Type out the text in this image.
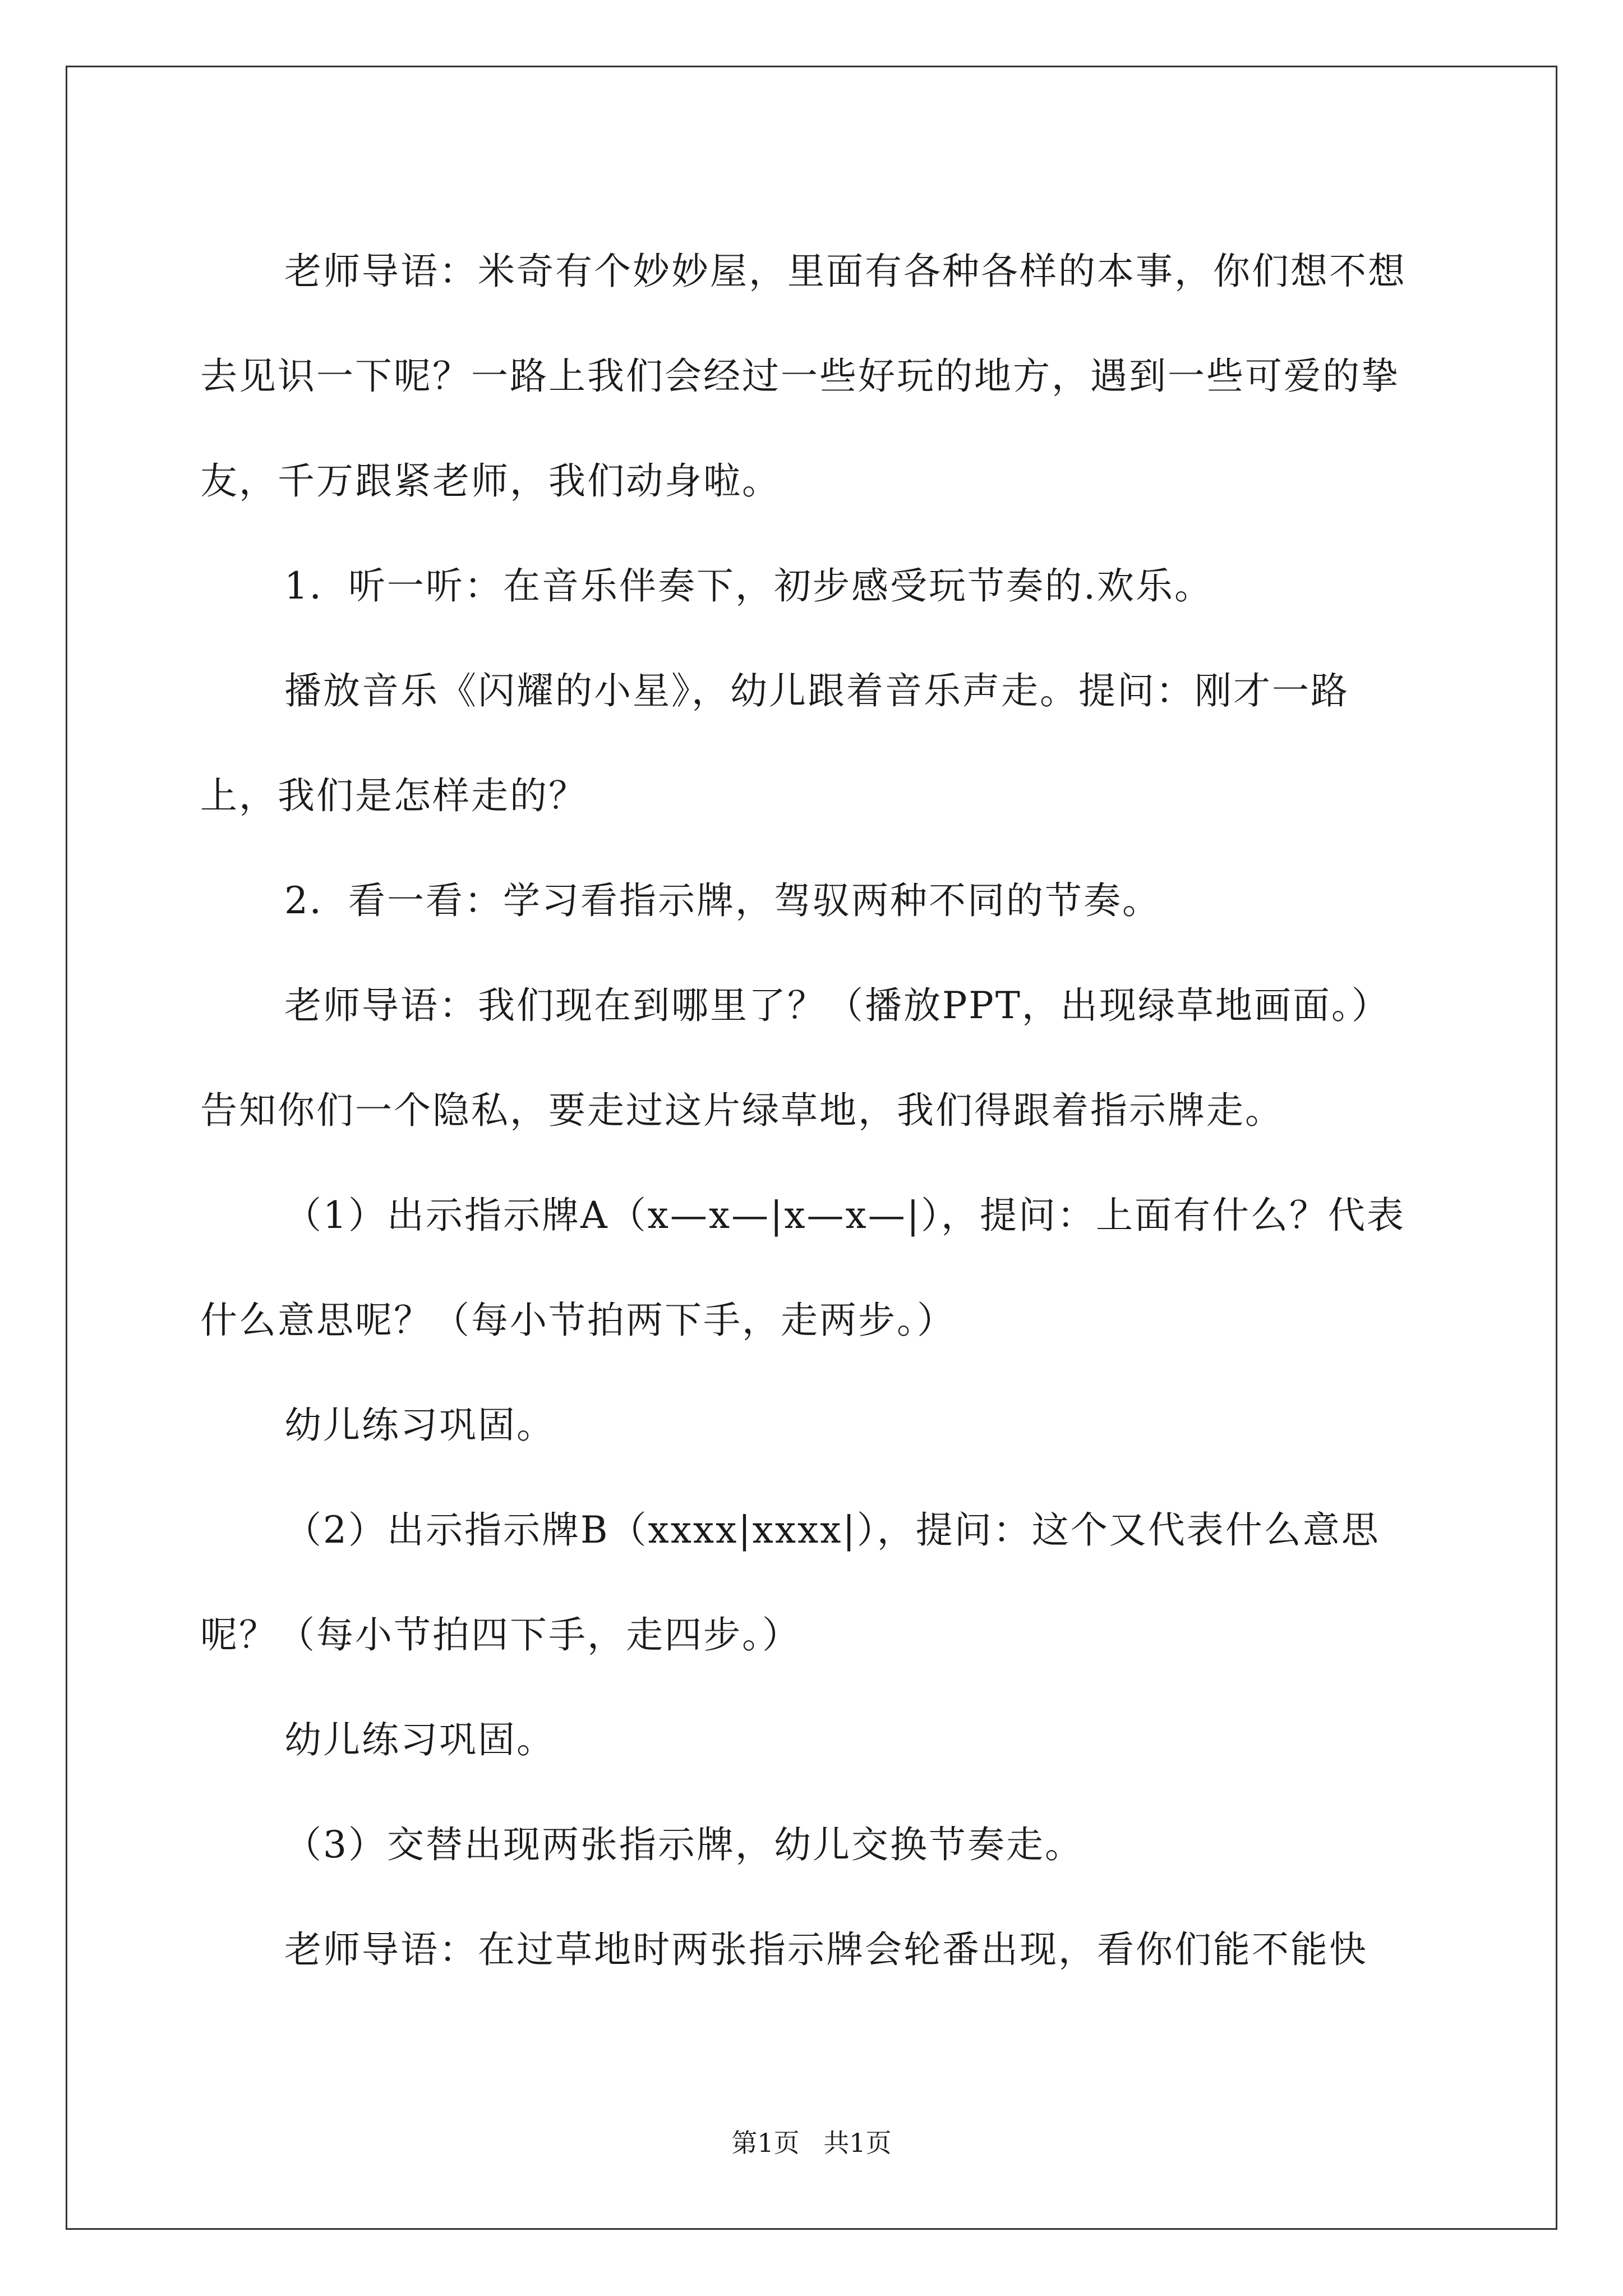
老师导语：米奇有个妙妙屋，里面有各种各样的本事，你们想不想去见识一下呢？一路上我们会经过一些好玩的地方，遇到一些可爱的挚友，千万跟紧老师，我们动身啦。

1．听一听：在音乐伴奏下，初步感受玩节奏的.欢乐。

播放音乐《闪耀的小星》，幼儿跟着音乐声走。提问：刚才一路上，我们是怎样走的？

2．看一看：学习看指示牌，驾驭两种不同的节奏。

老师导语：我们现在到哪里了？（播放PPT，出现绿草地画面。）

告知你们一个隐私，要走过这片绿草地，我们得跟着指示牌走。

（1）出示指示牌A（x—x—|x—x—|），提问：上面有什么？代表什么意思呢？（每小节拍两下手，走两步。）

幼儿练习巩固。

（2）出示指示牌B（xxxx|xxxx|），提问：这个又代表什么意思呢？（每小节拍四下手，走四步。）

幼儿练习巩固。

（3）交替出现两张指示牌，幼儿交换节奏走。

老师导语：在过草地时两张指示牌会轮番出现，看你们能不能快

第1页 共1页
